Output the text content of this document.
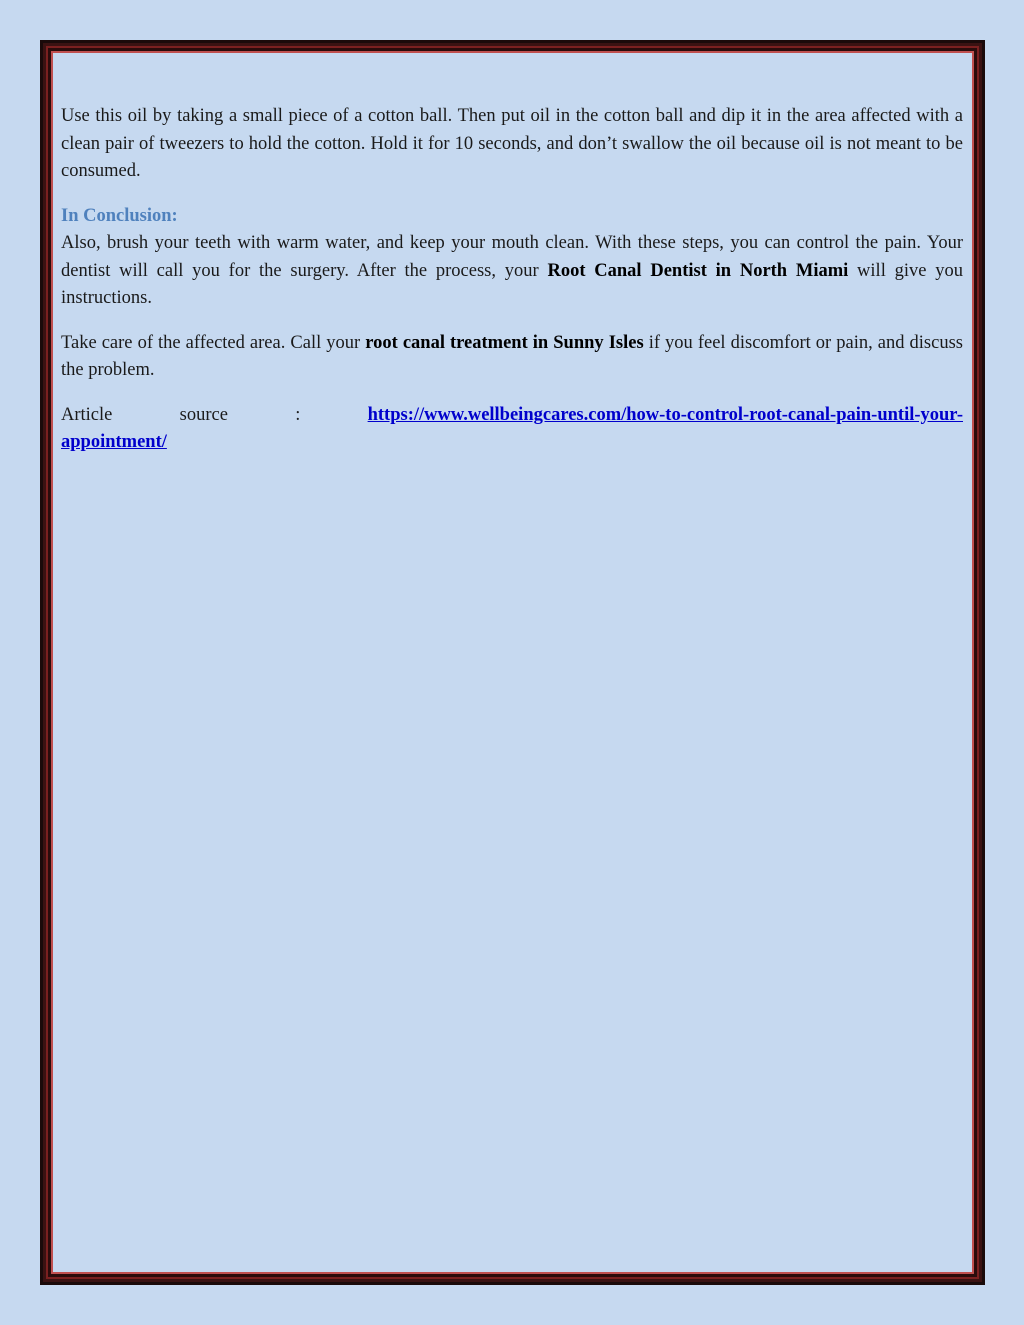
Use this oil by taking a small piece of a cotton ball. Then put oil in the cotton ball and dip it in the area affected with a clean pair of tweezers to hold the cotton. Hold it for 10 seconds, and don’t swallow the oil because oil is not meant to be consumed.

In Conclusion:
Also, brush your teeth with warm water, and keep your mouth clean. With these steps, you can control the pain. Your dentist will call you for the surgery. After the process, your Root Canal Dentist in North Miami will give you instructions.

Take care of the affected area. Call your root canal treatment in Sunny Isles if you feel discomfort or pain, and discuss the problem.

Article	source	:	https://www.wellbeingcares.com/how-to-control-root-canal-pain-until-your-
appointment/
